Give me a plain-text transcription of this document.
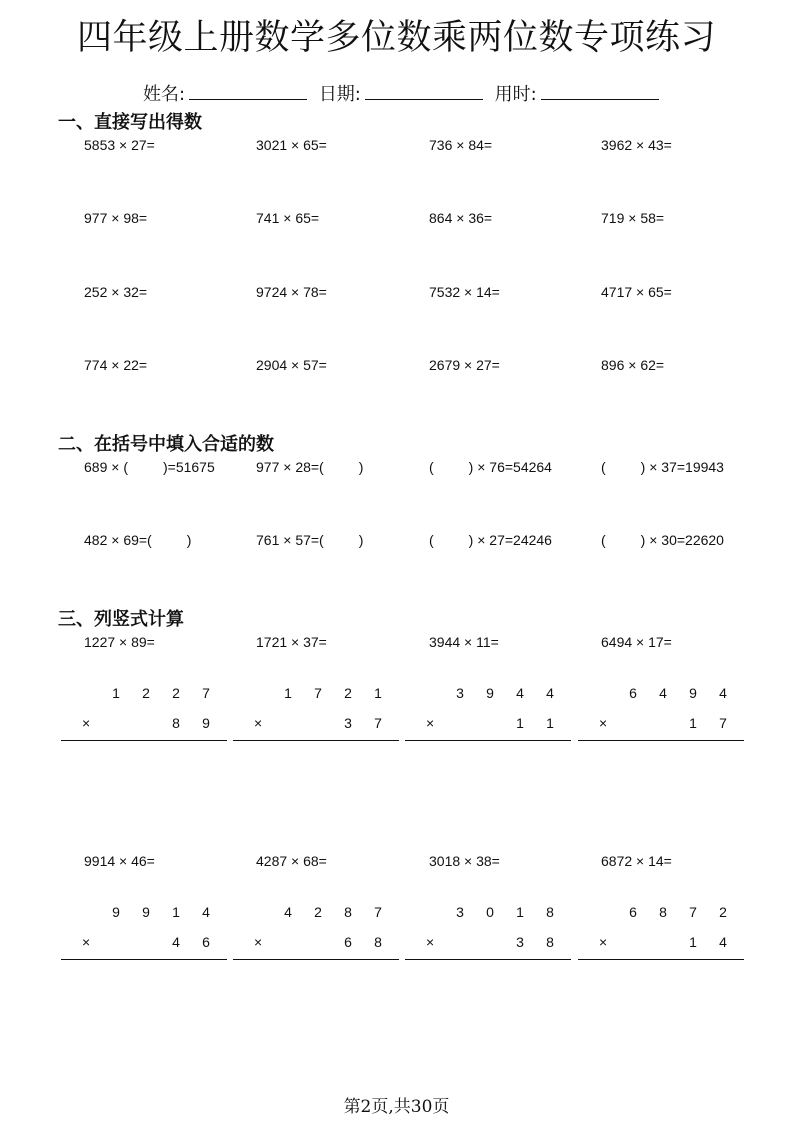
四年级上册数学多位数乘两位数专项练习
姓名:	日期:	用时:
一、直接写出得数
5853 × 27=	3021 × 65=	736 × 84=	3962 × 43=
977 × 98=	741 × 65=	864 × 36=	719 × 58=
252 × 32=	9724 × 78=	7532 × 14=	4717 × 65=
774 × 22=	2904 × 57=	2679 × 27=	896 × 62=
二、在括号中填入合适的数
689 × (         )=51675	977 × 28=(         )	(         ) × 76=54264	(         ) × 37=19943
482 × 69=(         )	761 × 57=(         )	(         ) × 27=24246	(         ) × 30=22620
三、列竖式计算
1227 × 89=	1721 × 37=	3944 × 11=	6494 × 17=
1 2 2 7
×	8 9
1 7 2 1
×	3 7
3 9 4 4
×	1 1
6 4 9 4
×	1 7
9914 × 46=	4287 × 68=	3018 × 38=	6872 × 14=
9 9 1 4
×	4 6
4 2 8 7
×	6 8
3 0 1 8
×	3 8
6 8 7 2
×	1 4
第2页,共30页
